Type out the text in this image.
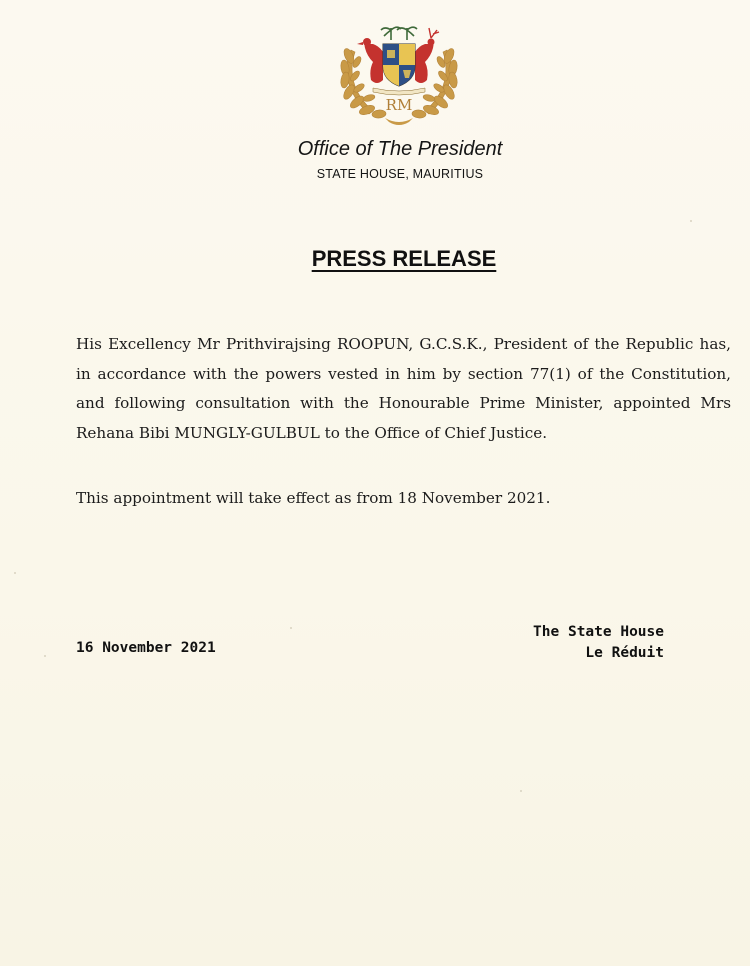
RM
Office of The President
STATE HOUSE, MAURITIUS
PRESS RELEASE
His Excellency Mr Prithvirajsing ROOPUN, G.C.S.K., President of the Republic has, in accordance with the powers vested in him by section 77(1) of the Constitution, and following consultation with the Honourable Prime Minister, appointed Mrs Rehana Bibi MUNGLY-GULBUL to the Office of Chief Justice.
This appointment will take effect as from 18 November 2021.
16 November 2021
The State House
Le Réduit
